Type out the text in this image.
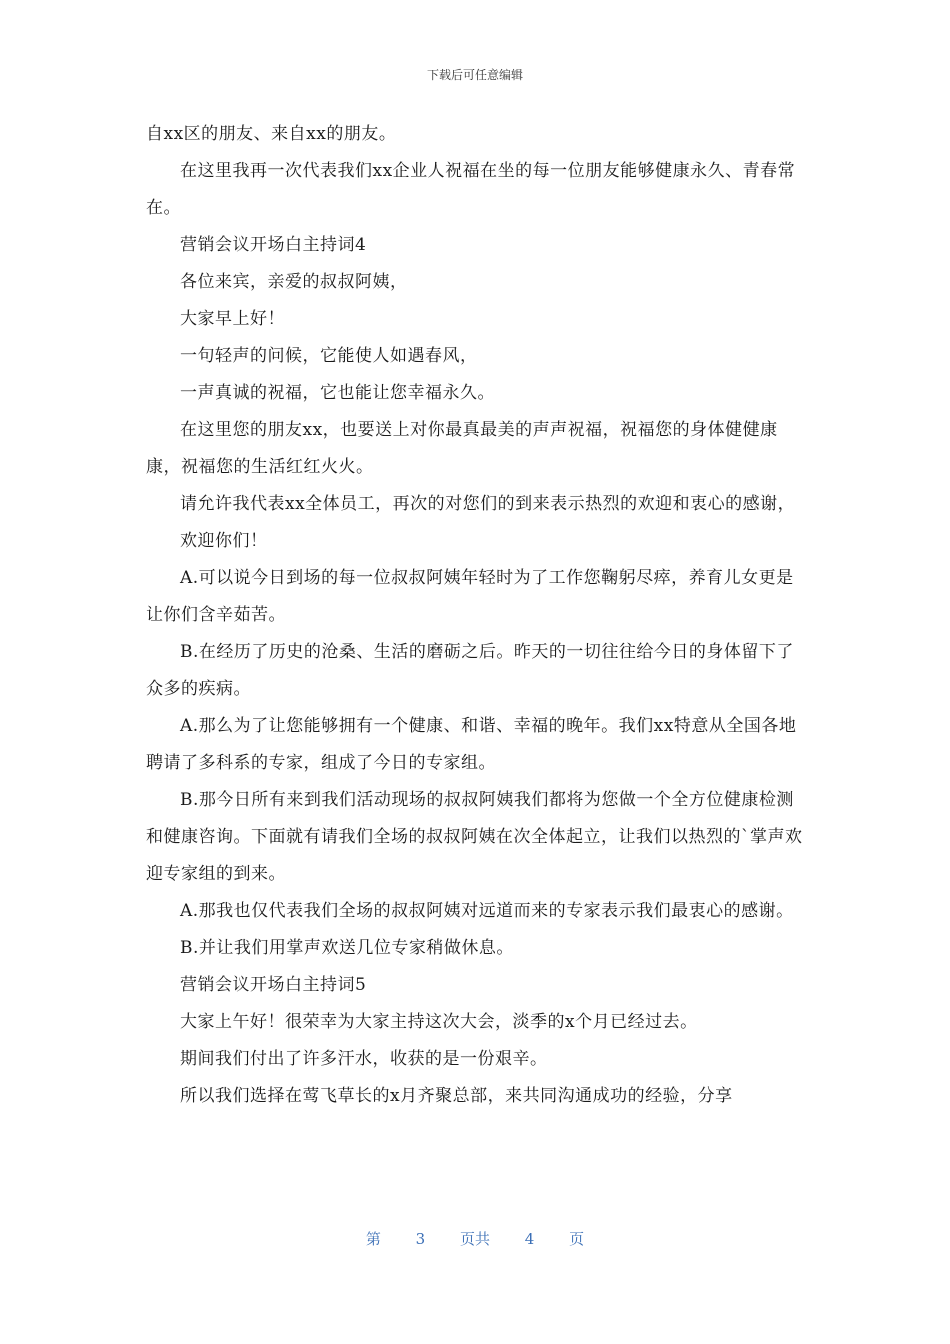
下载后可任意编辑

自xx区的朋友、来自xx的朋友。

在这里我再一次代表我们xx企业人祝福在坐的每一位朋友能够健康永久、青春常在。

营销会议开场白主持词4

各位来宾，亲爱的叔叔阿姨，

大家早上好！

一句轻声的问候，它能使人如遇春风，

一声真诚的祝福，它也能让您幸福永久。

在这里您的朋友xx，也要送上对你最真最美的声声祝福，祝福您的身体健健康康，祝福您的生活红红火火。

请允许我代表xx全体员工，再次的对您们的到来表示热烈的欢迎和衷心的感谢，

欢迎你们！

A.可以说今日到场的每一位叔叔阿姨年轻时为了工作您鞠躬尽瘁，养育儿女更是让你们含辛茹苦。

B.在经历了历史的沧桑、生活的磨砺之后。昨天的一切往往给今日的身体留下了众多的疾病。

A.那么为了让您能够拥有一个健康、和谐、幸福的晚年。我们xx特意从全国各地聘请了多科系的专家，组成了今日的专家组。

B.那今日所有来到我们活动现场的叔叔阿姨我们都将为您做一个全方位健康检测和健康咨询。下面就有请我们全场的叔叔阿姨在次全体起立，让我们以热烈的`掌声欢迎专家组的到来。

A.那我也仅代表我们全场的叔叔阿姨对远道而来的专家表示我们最衷心的感谢。

B.并让我们用掌声欢送几位专家稍做休息。

营销会议开场白主持词5

大家上午好！很荣幸为大家主持这次大会，淡季的x个月已经过去。

期间我们付出了许多汗水，收获的是一份艰辛。

所以我们选择在莺飞草长的x月齐聚总部，来共同沟通成功的经验，分享

第 3 页共 4 页
